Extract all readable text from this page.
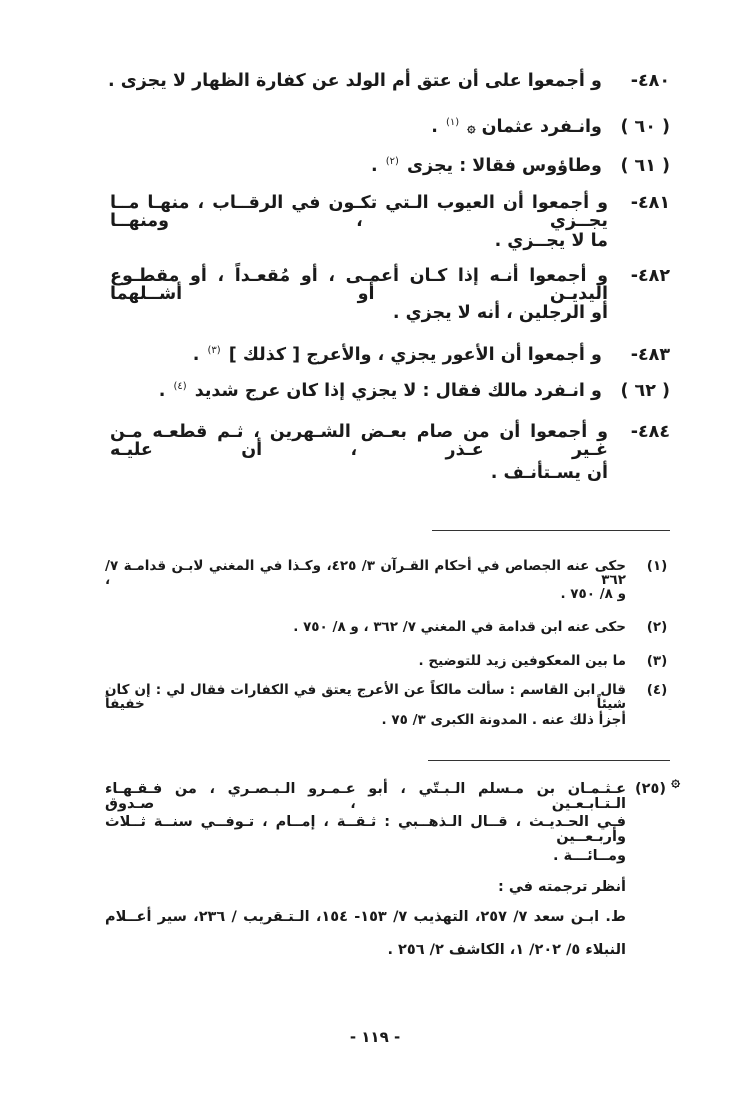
٤٨٠- و أجمعوا على أن عتق أم الولد عن كفارة الظهار لا يجزى .
( ٦٠ ) وانـفرد عثمان ۞ $^{(١)}$ .
( ٦١ ) وطاؤوس فقالا : يجزى $^{(٢)}$ .
٤٨١-
و أجمعوا أن العيوب الـتي تكـون في الرقــاب ، منهـا مــا يجــزي ، ومنهــا
ما لا يجــزي .
٤٨٢-
و أجمعوا أنـه إذا كـان أعمـى ، أو مُقعـداً ، أو مقطـوع اليديـن أو أشــلهما
أو الرجلين ، أنه لا يجزي .
٤٨٣- و أجمعوا أن الأعور يجزي ، والأعرج [ كذلك ] $^{(٣)}$ .
( ٦٢ ) و انـفرد مالك فقال : لا يجزي إذا كان عرج شديد $^{(٤)}$ .
٤٨٤-
و أجمعوا أن من صام بعـض الشـهرين ، ثـم قطعـه مـن غـير عـذر ، أن عليـه
أن يسـتأنـف .
(١)
حكى عنه الجصاص في أحكام القـرآن ٣/ ٤٢٥، وكـذا في المغني لابـن قدامـة ٧/ ٣٦٢ ،
و ٨/ ٧٥٠ .
(٢)
حكى عنه ابن قدامة في المغني ٧/ ٣٦٢ ، و ٨/ ٧٥٠ .
(٣)
ما بين المعكوفين زيد للتوضيح .
(٤)
قال ابن القاسم : سألت مالكاً عن الأعرج يعتق في الكفارات فقال لي : إن كان شيئاً خفيفاً
أجزأ ذلك عنه . المدونة الكبرى ٣/ ٧٥ .
۞
(٢٥)
عـثـمـان بن مـسلم الـبـتّي ، أبو عـمـرو الـبـصـري ، من فـقـهـاء الـتـابـعـين ، صـدوق
فـي الحـديـث ، قــال الـذهــبي : ثـقــة ، إمــام ، تـوفــي سنــة ثــلاث وأربـعــين
ومــائـــة .
أنظر ترجمته في :
ط. ابـن سعد ٧/ ٢٥٧، التهذيب ٧/ ١٥٣- ١٥٤، الـتـقريب / ٢٣٦، سير أعــلام
النبلاء ٥/ ٢٠٢/ ١، الكاشف ٢/ ٢٥٦ .
- ١١٩ -
